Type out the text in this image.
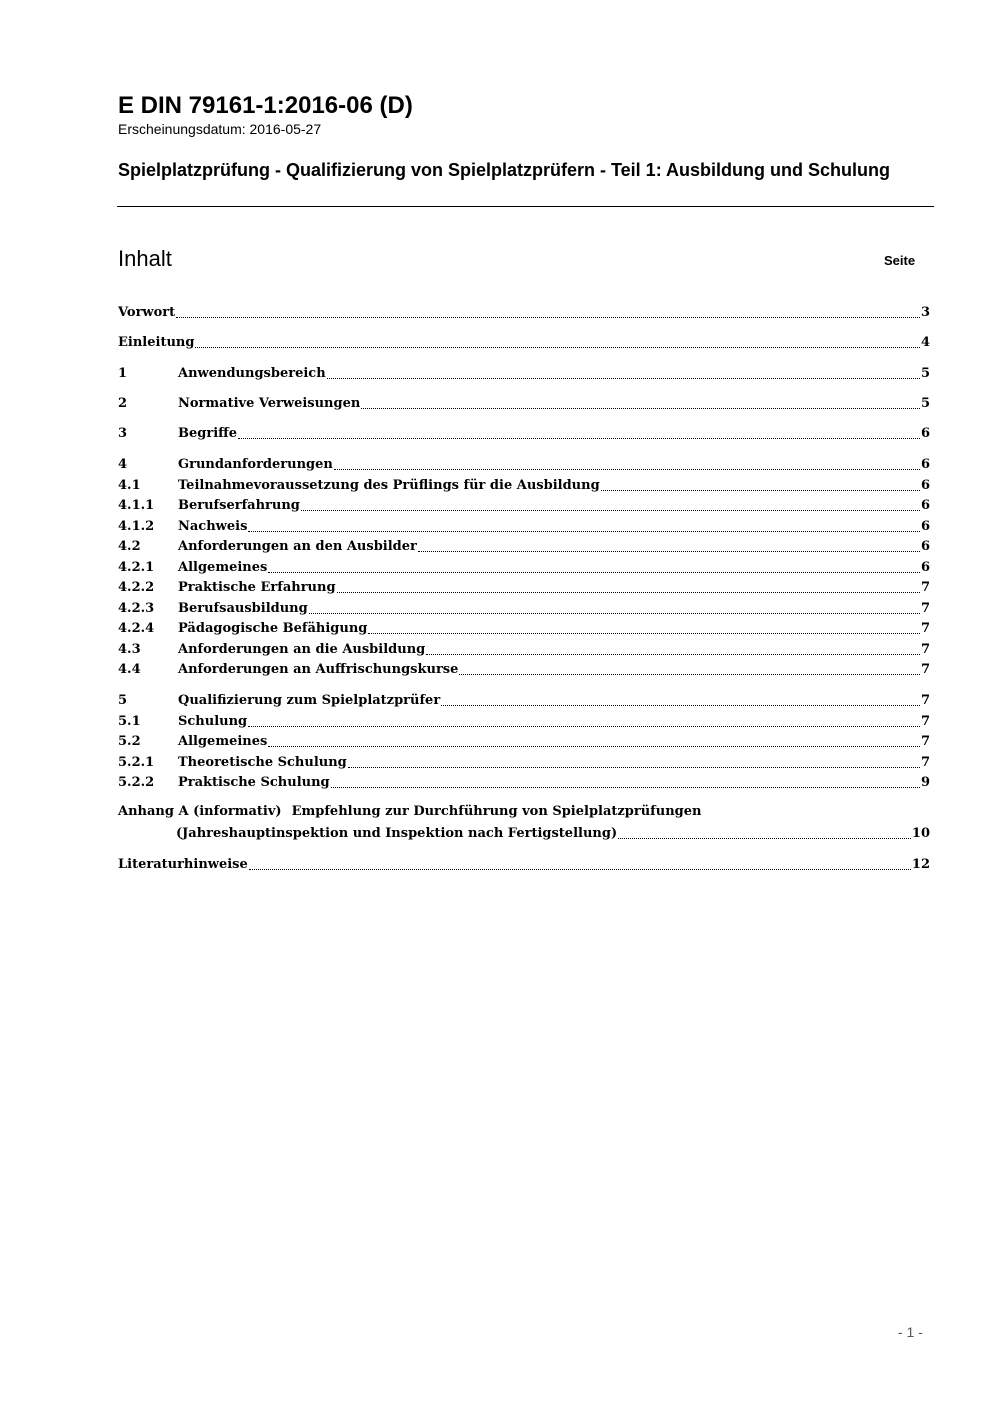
E DIN 79161-1:2016-06 (D)
Erscheinungsdatum: 2016-05-27
Spielplatzprüfung - Qualifizierung von Spielplatzprüfern - Teil 1: Ausbildung und Schulung
Inhalt	Seite
Vorwort	3
Einleitung	4
1	Anwendungsbereich	5
2	Normative Verweisungen	5
3	Begriffe	6
4	Grundanforderungen	6
4.1	Teilnahmevoraussetzung des Prüflings für die Ausbildung	6
4.1.1	Berufserfahrung	6
4.1.2	Nachweis	6
4.2	Anforderungen an den Ausbilder	6
4.2.1	Allgemeines	6
4.2.2	Praktische Erfahrung	7
4.2.3	Berufsausbildung	7
4.2.4	Pädagogische Befähigung	7
4.3	Anforderungen an die Ausbildung	7
4.4	Anforderungen an Auffrischungskurse	7
5	Qualifizierung zum Spielplatzprüfer	7
5.1	Schulung	7
5.2	Allgemeines	7
5.2.1	Theoretische Schulung	7
5.2.2	Praktische Schulung	9
Anhang A (informativ) Empfehlung zur Durchführung von Spielplatzprüfungen
(Jahreshauptinspektion und Inspektion nach Fertigstellung)	10
Literaturhinweise	12
- 1 -
